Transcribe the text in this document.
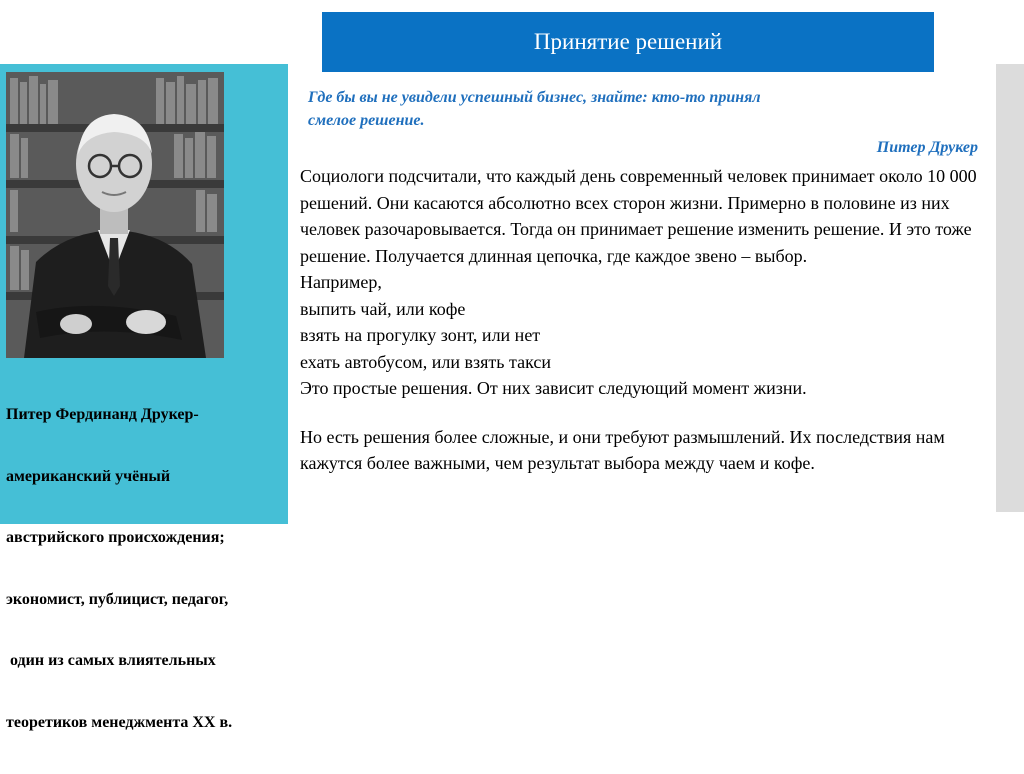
Принятие решений

Питер Фердинанд Друкер-

американский учёный

австрийского происхождения;

экономист, публицист, педагог,

один из самых влиятельных

теоретиков менеджмента XX в.

Где бы вы не увидели успешный бизнес, знайте: кто-то принял
смелое решение.
Питер Друкер

Социологи подсчитали, что каждый день современный человек принимает около 10 000 решений. Они касаются абсолютно всех сторон жизни. Примерно в половине из них человек разочаровывается. Тогда он принимает решение изменить решение. И это тоже решение. Получается длинная цепочка, где каждое звено – выбор.

Например,

выпить чай, или кофе

взять на прогулку зонт, или нет

ехать автобусом, или взять такси

Это простые решения. От них зависит следующий момент жизни.

Но есть решения более сложные, и они требуют размышлений. Их последствия нам кажутся более важными, чем результат выбора между чаем и кофе.
